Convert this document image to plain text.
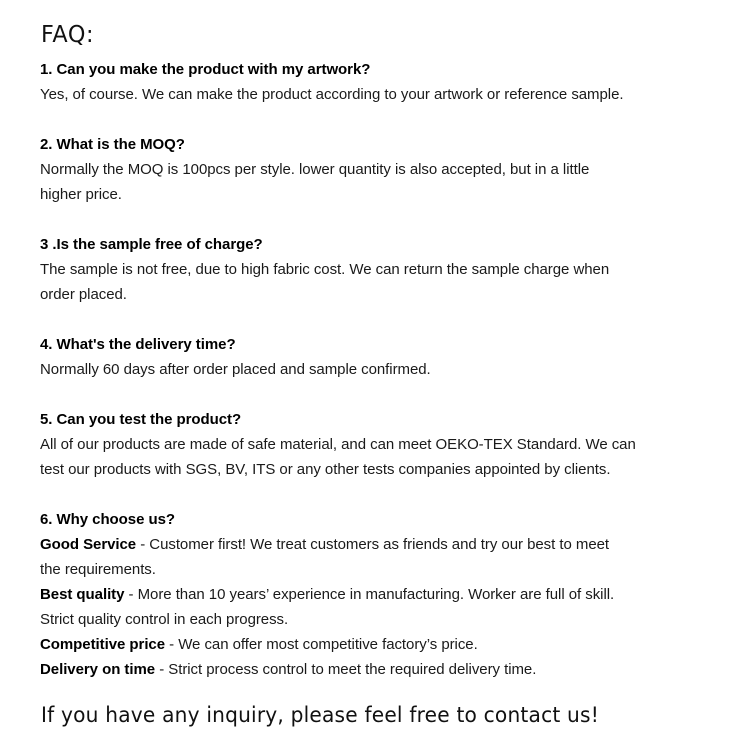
FAQ:

1. Can you make the product with my artwork?

Yes, of course. We can make the product according to your artwork or reference sample.

2. What is the MOQ?

Normally the MOQ is 100pcs per style. lower quantity is also accepted, but in a little

higher price.

3 .Is the sample free of charge?

The sample is not free, due to high fabric cost. We can return the sample charge when

order placed.

4. What's the delivery time?

Normally 60 days after order placed and sample confirmed.

5. Can you test the product?

All of our products are made of safe material, and can meet OEKO-TEX Standard. We can

test our products with SGS, BV, ITS or any other tests companies appointed by clients.

6. Why choose us?

Good Service - Customer first! We treat customers as friends and try our best to meet

the requirements.

Best quality - More than 10 years’ experience in manufacturing. Worker are full of skill.

Strict quality control in each progress.

Competitive price - We can offer most competitive factory’s price.

Delivery on time - Strict process control to meet the required delivery time.

If you have any inquiry, please feel free to contact us!
